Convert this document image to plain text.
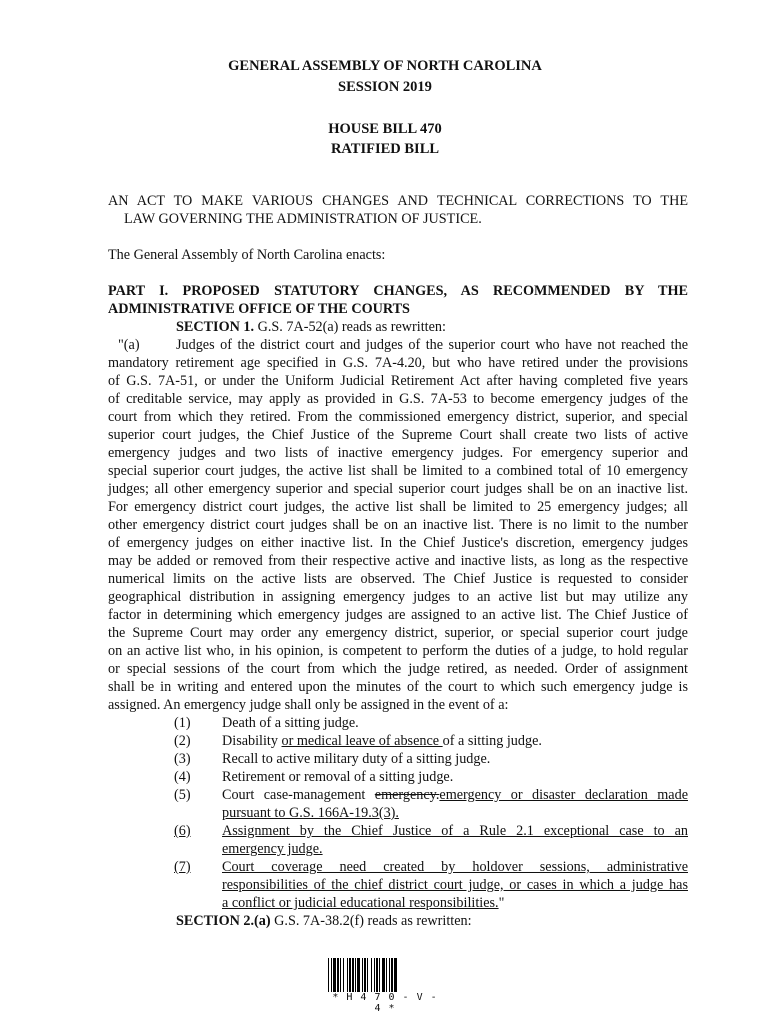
GENERAL ASSEMBLY OF NORTH CAROLINA
SESSION 2019
HOUSE BILL 470
RATIFIED BILL
AN ACT TO MAKE VARIOUS CHANGES AND TECHNICAL CORRECTIONS TO THE
LAW GOVERNING THE ADMINISTRATION OF JUSTICE.
The General Assembly of North Carolina enacts:
PART I. PROPOSED STATUTORY CHANGES, AS RECOMMENDED BY THE
ADMINISTRATIVE OFFICE OF THE COURTS
SECTION 1. G.S. 7A-52(a) reads as rewritten:
"(a)	Judges of the district court and judges of the superior court who have not reached the
mandatory retirement age specified in G.S. 7A-4.20, but who have retired under the provisions
of G.S. 7A-51, or under the Uniform Judicial Retirement Act after having completed five years
of creditable service, may apply as provided in G.S. 7A-53 to become emergency judges of the
court from which they retired. From the commissioned emergency district, superior, and special
superior court judges, the Chief Justice of the Supreme Court shall create two lists of active
emergency judges and two lists of inactive emergency judges. For emergency superior and
special superior court judges, the active list shall be limited to a combined total of 10 emergency
judges; all other emergency superior and special superior court judges shall be on an inactive list.
For emergency district court judges, the active list shall be limited to 25 emergency judges; all
other emergency district court judges shall be on an inactive list. There is no limit to the number
of emergency judges on either inactive list. In the Chief Justice's discretion, emergency judges
may be added or removed from their respective active and inactive lists, as long as the respective
numerical limits on the active lists are observed. The Chief Justice is requested to consider
geographical distribution in assigning emergency judges to an active list but may utilize any
factor in determining which emergency judges are assigned to an active list. The Chief Justice of
the Supreme Court may order any emergency district, superior, or special superior court judge
on an active list who, in his opinion, is competent to perform the duties of a judge, to hold regular
or special sessions of the court from which the judge retired, as needed. Order of assignment
shall be in writing and entered upon the minutes of the court to which such emergency judge is
assigned. An emergency judge shall only be assigned in the event of a:
(1) Death of a sitting judge.
(2) Disability or medical leave of absence of a sitting judge.
(3) Recall to active military duty of a sitting judge.
(4) Retirement or removal of a sitting judge.
(5) Court case-management emergency.emergency or disaster declaration made
pursuant to G.S. 166A-19.3(3).
(6) Assignment by the Chief Justice of a Rule 2.1 exceptional case to an
emergency judge.
(7) Court coverage need created by holdover sessions, administrative
responsibilities of the chief district court judge, or cases in which a judge has
a conflict or judicial educational responsibilities."
SECTION 2.(a) G.S. 7A-38.2(f) reads as rewritten:
* H 4 7 0 - V - 4 *
